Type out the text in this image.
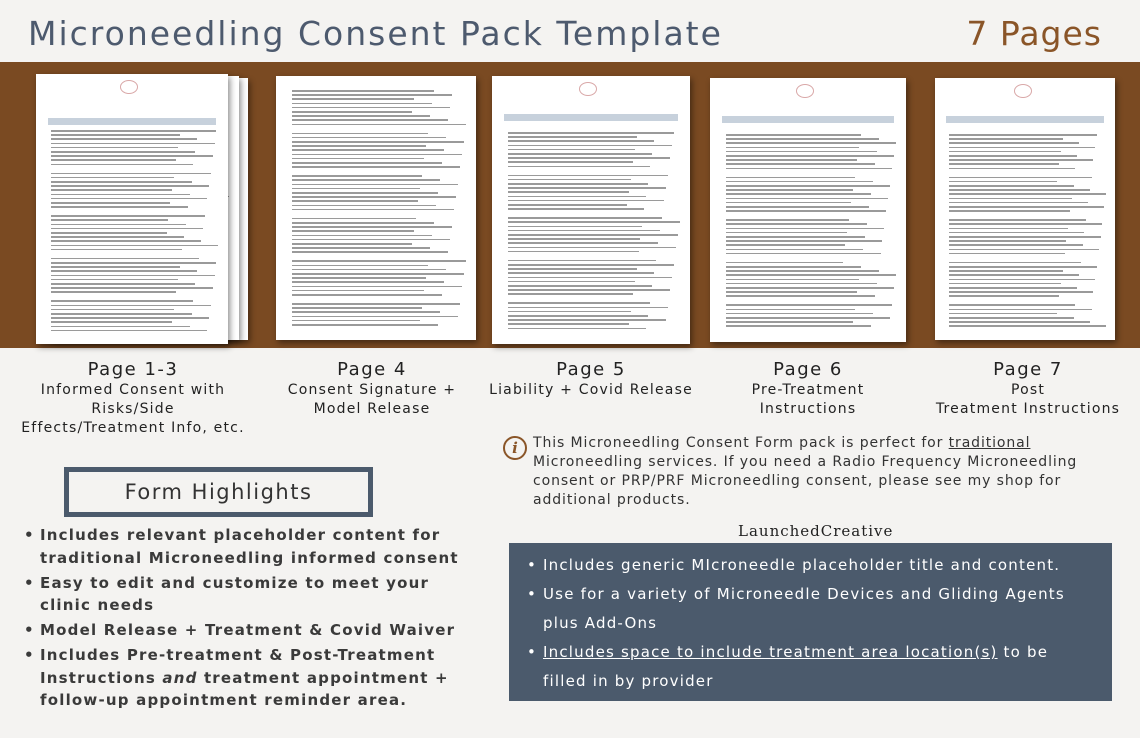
Microneedling Consent Pack Template	7 Pages
Page 1-3
Informed Consent with
Risks/Side
Effects/Treatment Info, etc.
Page 4
Consent Signature +
Model Release
Page 5
Liability + Covid Release
Page 6
Pre-Treatment
Instructions
Page 7
Post
Treatment Instructions
i	This Microneedling Consent Form pack is perfect for traditional Microneedling services. If you need a Radio Frequency Microneedling consent or PRP/PRF Microneedling consent, please see my shop for additional products.
Form Highlights
• Includes relevant placeholder content for traditional Microneedling informed consent
• Easy to edit and customize to meet your clinic needs
• Model Release + Treatment & Covid Waiver
• Includes Pre-treatment & Post-Treatment Instructions and treatment appointment + follow-up appointment reminder area.
LaunchedCreative
• Includes generic MIcroneedle placeholder title and content.
• Use for a variety of Microneedle Devices and Gliding Agents plus Add-Ons
• Includes space to include treatment area location(s) to be filled in by provider
